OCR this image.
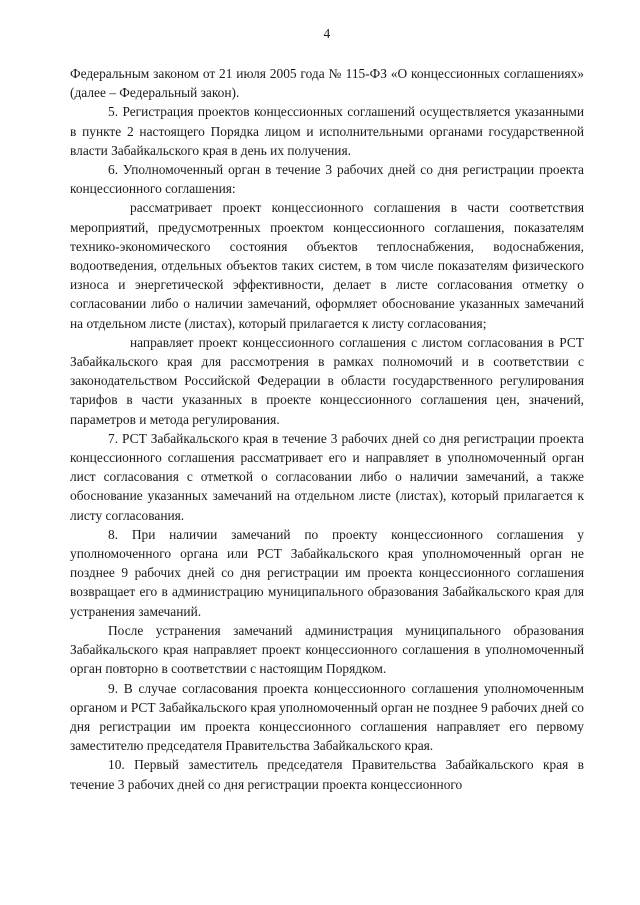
4

Федеральным законом от 21 июля 2005 года № 115-ФЗ «О концессионных соглашениях» (далее – Федеральный закон).

5. Регистрация проектов концессионных соглашений осуществляется указанными в пункте 2 настоящего Порядка лицом и исполнительными органами государственной власти Забайкальского края в день их получения.

6. Уполномоченный орган в течение 3 рабочих дней со дня регистрации проекта концессионного соглашения:

рассматривает проект концессионного соглашения в части соответствия мероприятий, предусмотренных проектом концессионного соглашения, показателям технико-экономического состояния объектов теплоснабжения, водоснабжения, водоотведения, отдельных объектов таких систем, в том числе показателям физического износа и энергетической эффективности, делает в листе согласования отметку о согласовании либо о наличии замечаний, оформляет обоснование указанных замечаний на отдельном листе (листах), который прилагается к листу согласования;

направляет проект концессионного соглашения с листом согласования в РСТ Забайкальского края для рассмотрения в рамках полномочий и в соответствии с законодательством Российской Федерации в области государственного регулирования тарифов в части указанных в проекте концессионного соглашения цен, значений, параметров и метода регулирования.

7. РСТ Забайкальского края в течение 3 рабочих дней со дня регистрации проекта концессионного соглашения рассматривает его и направляет в уполномоченный орган лист согласования с отметкой о согласовании либо о наличии замечаний, а также обоснование указанных замечаний на отдельном листе (листах), который прилагается к листу согласования.

8. При наличии замечаний по проекту концессионного соглашения у уполномоченного органа или РСТ Забайкальского края уполномоченный орган не позднее 9 рабочих дней со дня регистрации им проекта концессионного соглашения возвращает его в администрацию муниципального образования Забайкальского края для устранения замечаний.

После устранения замечаний администрация муниципального образования Забайкальского края направляет проект концессионного соглашения в уполномоченный орган повторно в соответствии с настоящим Порядком.

9. В случае согласования проекта концессионного соглашения уполномоченным органом и РСТ Забайкальского края уполномоченный орган не позднее 9 рабочих дней со дня регистрации им проекта концессионного соглашения направляет его первому заместителю председателя Правительства Забайкальского края.

10. Первый заместитель председателя Правительства Забайкальского края в течение 3 рабочих дней со дня регистрации проекта концессионного
